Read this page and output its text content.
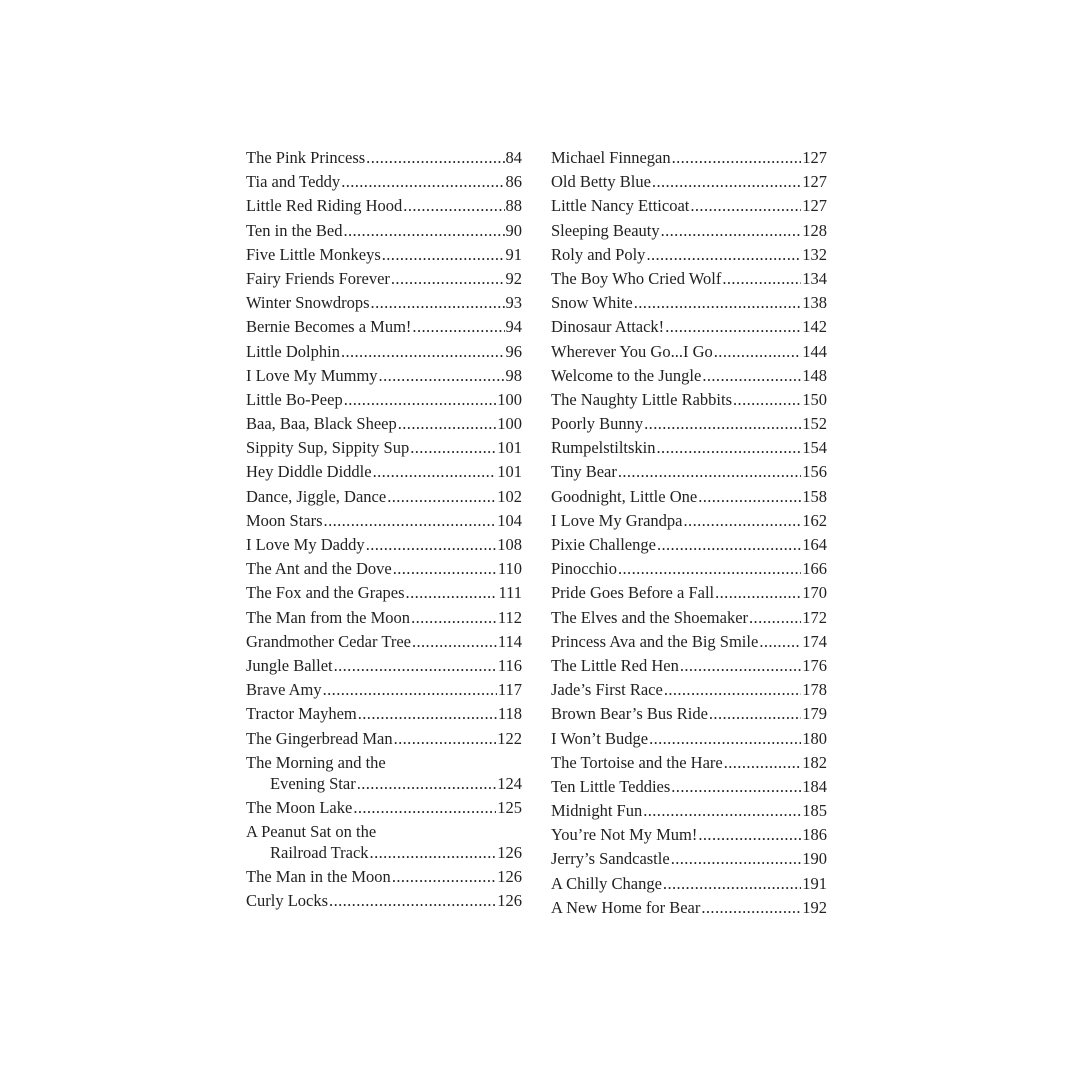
The Pink Princess .....	84
Tia and Teddy .....	86
Little Red Riding Hood .....	88
Ten in the Bed .....	90
Five Little Monkeys .....	91
Fairy Friends Forever .....	92
Winter Snowdrops .....	93
Bernie Becomes a Mum! .....	94
Little Dolphin .....	96
I Love My Mummy .....	98
Little Bo-Peep .....	100
Baa, Baa, Black Sheep .....	100
Sippity Sup, Sippity Sup .....	101
Hey Diddle Diddle .....	101
Dance, Jiggle, Dance .....	102
Moon Stars .....	104
I Love My Daddy .....	108
The Ant and the Dove .....	110
The Fox and the Grapes .....	111
The Man from the Moon .....	112
Grandmother Cedar Tree .....	114
Jungle Ballet .....	116
Brave Amy .....	117
Tractor Mayhem .....	118
The Gingerbread Man .....	122
The Morning and the
Evening Star .....	124
The Moon Lake .....	125
A Peanut Sat on the
Railroad Track .....	126
The Man in the Moon .....	126
Curly Locks .....	126
Michael Finnegan .....	127
Old Betty Blue .....	127
Little Nancy Etticoat .....	127
Sleeping Beauty .....	128
Roly and Poly .....	132
The Boy Who Cried Wolf .....	134
Snow White .....	138
Dinosaur Attack! .....	142
Wherever You Go...I Go .....	144
Welcome to the Jungle .....	148
The Naughty Little Rabbits .....	150
Poorly Bunny .....	152
Rumpelstiltskin .....	154
Tiny Bear .....	156
Goodnight, Little One .....	158
I Love My Grandpa .....	162
Pixie Challenge .....	164
Pinocchio .....	166
Pride Goes Before a Fall .....	170
The Elves and the Shoemaker .....	172
Princess Ava and the Big Smile .....	174
The Little Red Hen .....	176
Jade’s First Race .....	178
Brown Bear’s Bus Ride .....	179
I Won’t Budge .....	180
The Tortoise and the Hare .....	182
Ten Little Teddies .....	184
Midnight Fun .....	185
You’re Not My Mum! .....	186
Jerry’s Sandcastle .....	190
A Chilly Change .....	191
A New Home for Bear .....	192
